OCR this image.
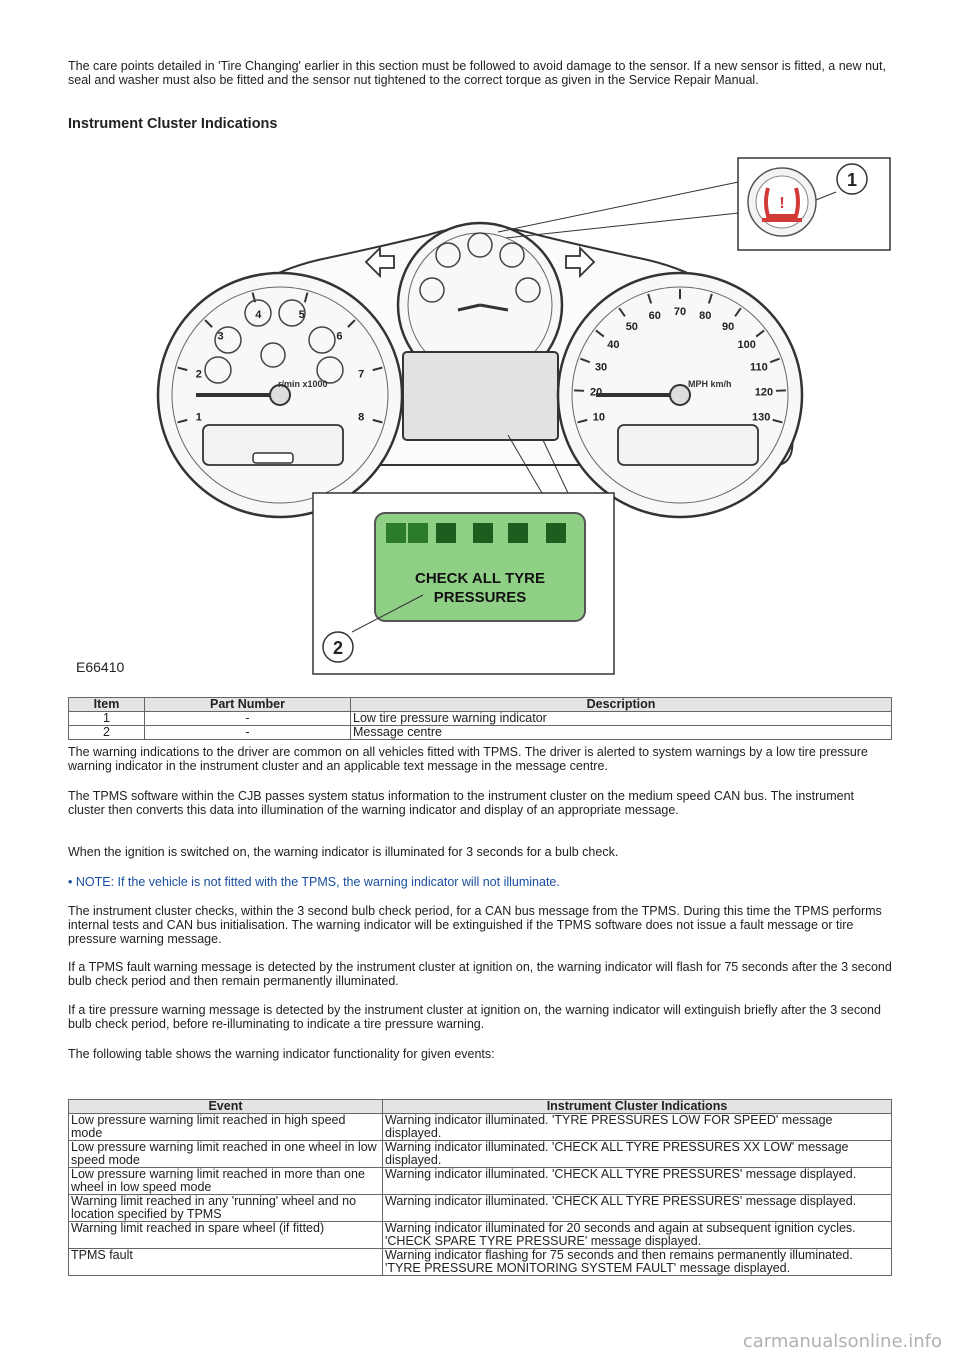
The care points detailed in 'Tire Changing' earlier in this section must be followed to avoid damage to the sensor. If a new sensor is fitted, a new nut, seal and washer must also be fitted and the sensor nut tightened to the correct torque as given in the Service Repair Manual.

Instrument Cluster Indications
1
2
3
4	5
6
7
8
r/min x1000
10
20
30
40
50
60 70 80
90
100
110
120
130
MPH km/h
!
1
CHECK ALL TYRE
PRESSURES
2
E66410
Item	Part Number	Description
1	-	Low tire pressure warning indicator
2	-	Message centre

The warning indications to the driver are common on all vehicles fitted with TPMS. The driver is alerted to system warnings by a low tire pressure warning indicator in the instrument cluster and an applicable text message in the message centre.

The TPMS software within the CJB passes system status information to the instrument cluster on the medium speed CAN bus. The instrument cluster then converts this data into illumination of the warning indicator and display of an appropriate message.

When the ignition is switched on, the warning indicator is illuminated for 3 seconds for a bulb check.

• NOTE: If the vehicle is not fitted with the TPMS, the warning indicator will not illuminate.

The instrument cluster checks, within the 3 second bulb check period, for a CAN bus message from the TPMS. During this time the TPMS performs internal tests and CAN bus initialisation. The warning indicator will be extinguished if the TPMS software does not issue a fault message or tire pressure warning message.

If a TPMS fault warning message is detected by the instrument cluster at ignition on, the warning indicator will flash for 75 seconds after the 3 second bulb check period and then remain permanently illuminated.

If a tire pressure warning message is detected by the instrument cluster at ignition on, the warning indicator will extinguish briefly after the 3 second bulb check period, before re-illuminating to indicate a tire pressure warning.

The following table shows the warning indicator functionality for given events:

Event	Instrument Cluster Indications
Low pressure warning limit reached in high speed mode	Warning indicator illuminated. 'TYRE PRESSURES LOW FOR SPEED' message displayed.
Low pressure warning limit reached in one wheel in low speed mode	Warning indicator illuminated. 'CHECK ALL TYRE PRESSURES XX LOW' message displayed.
Low pressure warning limit reached in more than one wheel in low speed mode	Warning indicator illuminated. 'CHECK ALL TYRE PRESSURES' message displayed.
Warning limit reached in any 'running' wheel and no location specified by TPMS	Warning indicator illuminated. 'CHECK ALL TYRE PRESSURES' message displayed.
Warning limit reached in spare wheel (if fitted)	Warning indicator illuminated for 20 seconds and again at subsequent ignition cycles. 'CHECK SPARE TYRE PRESSURE' message displayed.
TPMS fault	Warning indicator flashing for 75 seconds and then remains permanently illuminated. 'TYRE PRESSURE MONITORING SYSTEM FAULT' message displayed.
carmanualsonline.info
